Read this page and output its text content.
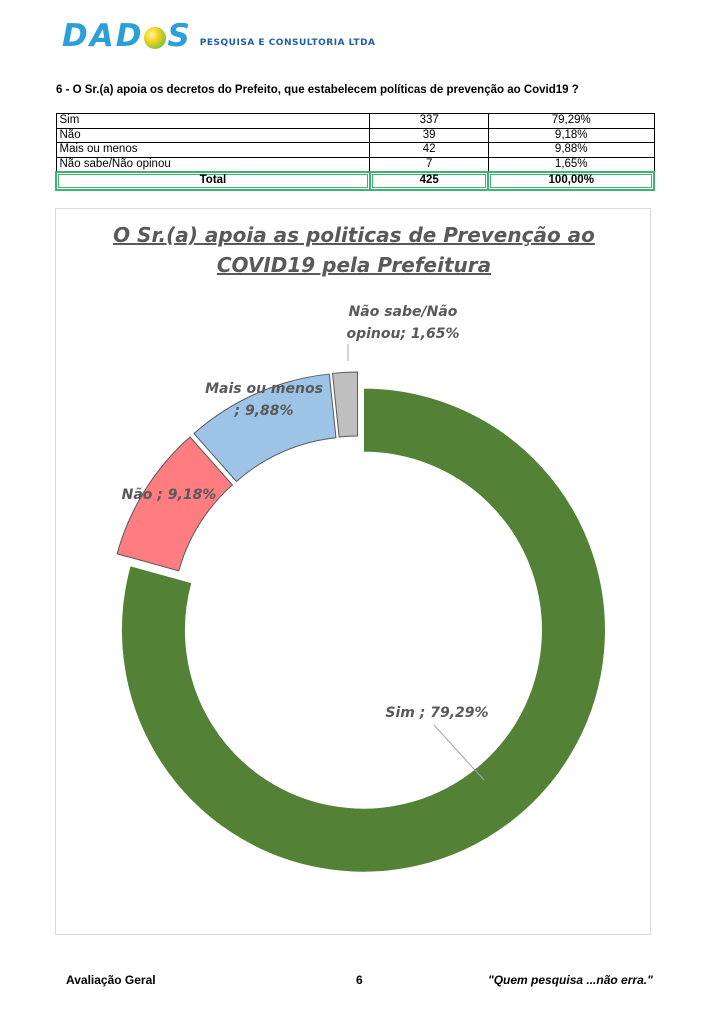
DAD S PESQUISA E CONSULTORIA LTDA
6 - O Sr.(a) apoia os decretos do Prefeito, que estabelecem políticas de prevenção ao Covid19 ?
Sim	337	79,29%
Não	39	9,18%
Mais ou menos	42	9,88%
Não sabe/Não opinou	7	1,65%
Total	425	100,00%
O Sr.(a) apoia as politicas de Prevenção ao
COVID19 pela Prefeitura
Sim ; 79,29%
Não ; 9,18%
Mais ou menos
; 9,88%
Não sabe/Não
opinou; 1,65%
Avaliação Geral	6	"Quem pesquisa ...não erra."
